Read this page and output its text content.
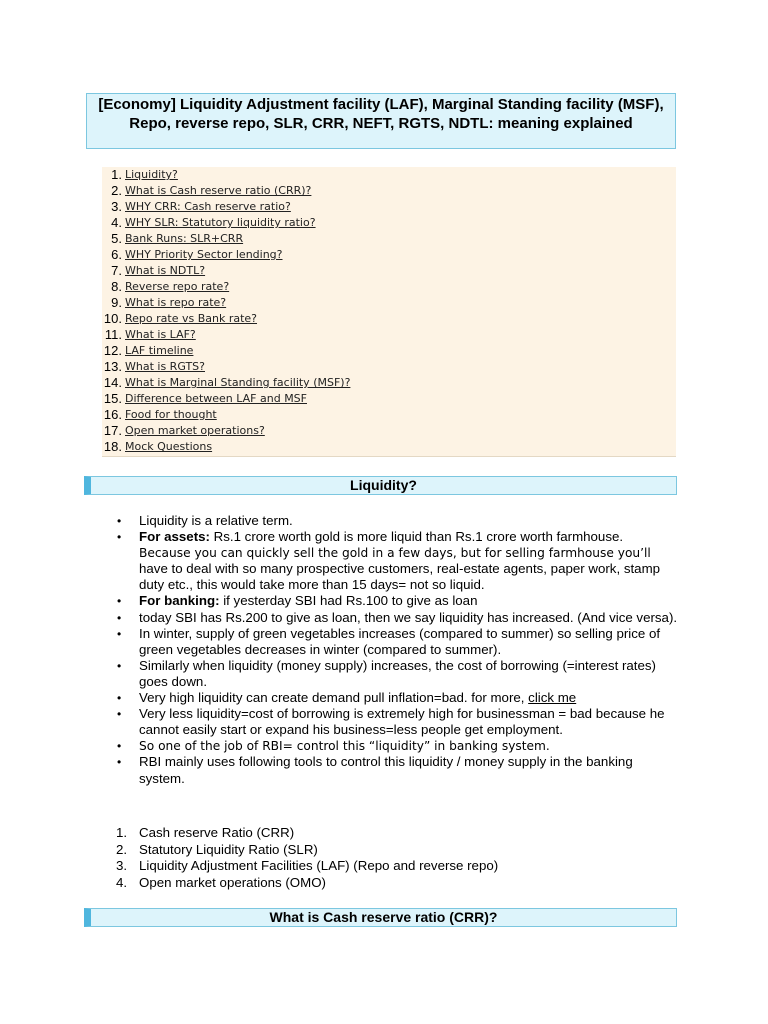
[Economy] Liquidity Adjustment facility (LAF), Marginal Standing facility (MSF), Repo, reverse repo, SLR, CRR, NEFT, RGTS, NDTL: meaning explained
1. Liquidity?
2. What is Cash reserve ratio (CRR)?
3. WHY CRR: Cash reserve ratio?
4. WHY SLR: Statutory liquidity ratio?
5. Bank Runs: SLR+CRR
6. WHY Priority Sector lending?
7. What is NDTL?
8. Reverse repo rate?
9. What is repo rate?
10. Repo rate vs Bank rate?
11. What is LAF?
12. LAF timeline
13. What is RGTS?
14. What is Marginal Standing facility (MSF)?
15. Difference between LAF and MSF
16. Food for thought
17. Open market operations?
18. Mock Questions
Liquidity?
• Liquidity is a relative term.
• For assets: Rs.1 crore worth gold is more liquid than Rs.1 crore worth farmhouse.
Because you can quickly sell the gold in a few days, but for selling farmhouse you’ll
have to deal with so many prospective customers, real-estate agents, paper work, stamp duty etc., this would take more than 15 days= not so liquid.
• For banking: if yesterday SBI had Rs.100 to give as loan
• today SBI has Rs.200 to give as loan, then we say liquidity has increased. (And vice versa).
• In winter, supply of green vegetables increases (compared to summer) so selling price of green vegetables decreases in winter (compared to summer).
• Similarly when liquidity (money supply) increases, the cost of borrowing (=interest rates) goes down.
• Very high liquidity can create demand pull inflation=bad. for more, click me
• Very less liquidity=cost of borrowing is extremely high for businessman = bad because he cannot easily start or expand his business=less people get employment.
• So one of the job of RBI= control this “liquidity” in banking system.
• RBI mainly uses following tools to control this liquidity / money supply in the banking system.
1. Cash reserve Ratio (CRR)
2. Statutory Liquidity Ratio (SLR)
3. Liquidity Adjustment Facilities (LAF) (Repo and reverse repo)
4. Open market operations (OMO)
What is Cash reserve ratio (CRR)?
